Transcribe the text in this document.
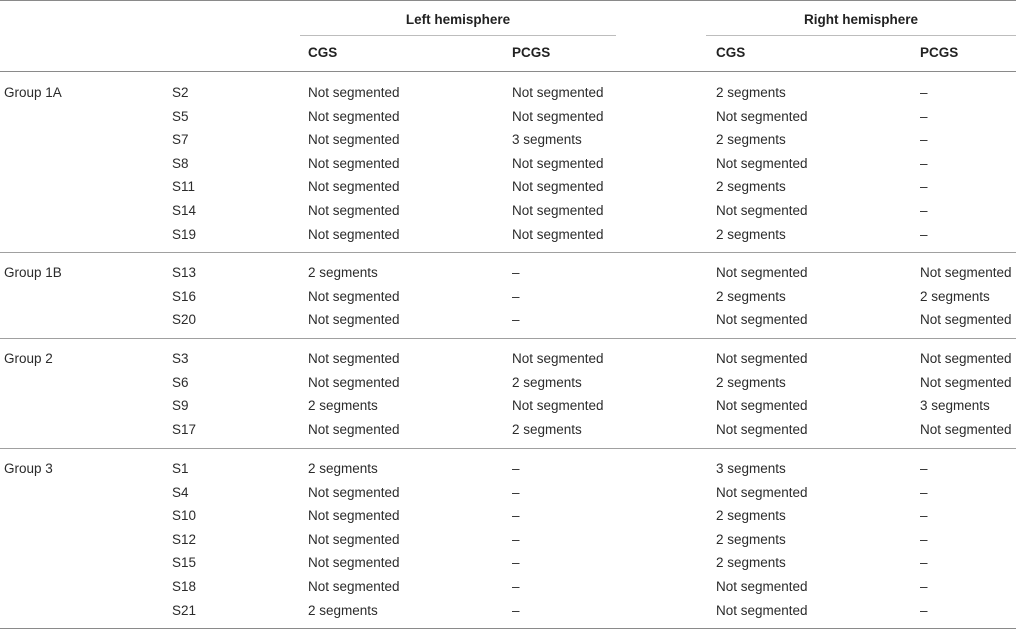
Left hemisphere	Right hemisphere
CGS	PCGS	CGS	PCGS
Group 1A	S2	Not segmented	Not segmented	2 segments	–
S5	Not segmented	Not segmented	Not segmented	–
S7	Not segmented	3 segments	2 segments	–
S8	Not segmented	Not segmented	Not segmented	–
S11	Not segmented	Not segmented	2 segments	–
S14	Not segmented	Not segmented	Not segmented	–
S19	Not segmented	Not segmented	2 segments	–
Group 1B	S13	2 segments	–	Not segmented	Not segmented
S16	Not segmented	–	2 segments	2 segments
S20	Not segmented	–	Not segmented	Not segmented
Group 2	S3	Not segmented	Not segmented	Not segmented	Not segmented
S6	Not segmented	2 segments	2 segments	Not segmented
S9	2 segments	Not segmented	Not segmented	3 segments
S17	Not segmented	2 segments	Not segmented	Not segmented
Group 3	S1	2 segments	–	3 segments	–
S4	Not segmented	–	Not segmented	–
S10	Not segmented	–	2 segments	–
S12	Not segmented	–	2 segments	–
S15	Not segmented	–	2 segments	–
S18	Not segmented	–	Not segmented	–
S21	2 segments	–	Not segmented	–
